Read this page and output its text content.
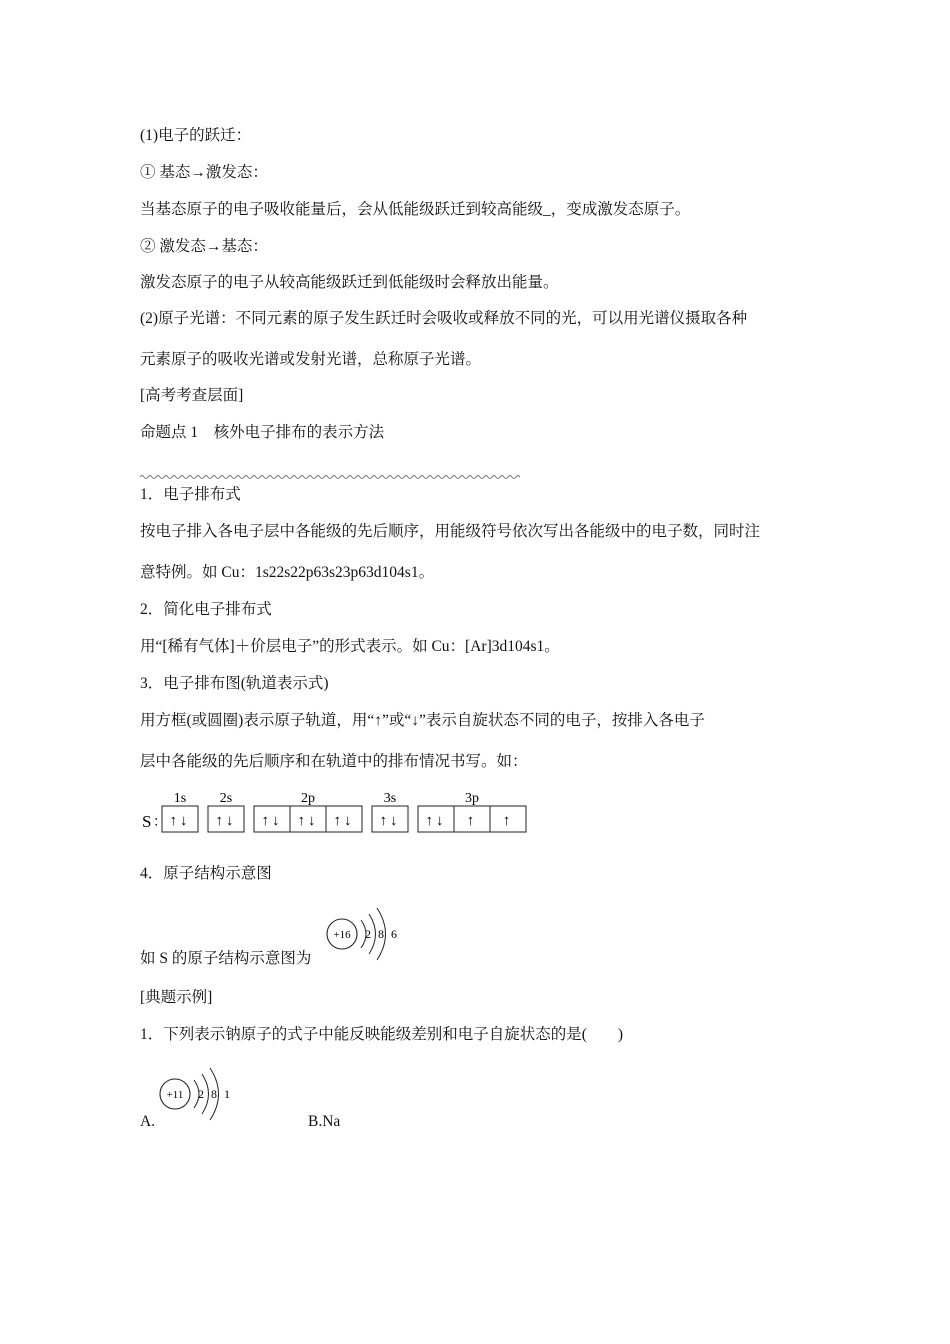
(1)电子的跃迁：
① 基态→激发态：
当基态原子的电子吸收能量后，会从低能级跃迁到较高能级_，变成激发态原子。
② 激发态→基态：
激发态原子的电子从较高能级跃迁到低能级时会释放出能量。
(2)原子光谱：不同元素的原子发生跃迁时会吸收或释放不同的光，可以用光谱仪摄取各种
元素原子的吸收光谱或发射光谱，总称原子光谱。
[高考考查层面]
命题点 1　核外电子排布的表示方法
1．电子排布式
按电子排入各电子层中各能级的先后顺序，用能级符号依次写出各能级中的电子数，同时注
意特例。如 Cu：1s22s22p63s23p63d104s1。
2．简化电子排布式
用“[稀有气体]＋价层电子”的形式表示。如 Cu：[Ar]3d104s1。
3．电子排布图(轨道表示式)
用方框(或圆圈)表示原子轨道，用“↑”或“↓”表示自旋状态不同的电子，按排入各电子
层中各能级的先后顺序和在轨道中的排布情况书写。如：
S ：
1s
↑↓
2s
↑↓
2p
↑↓ ↑↓ ↑↓
3s
↑↓
3p
↑↓ ↑ ↑
4．原子结构示意图
如 S 的原子结构示意图为
+16 2 8 6
[典题示例]
1．下列表示钠原子的式子中能反映能级差别和电子自旋状态的是(　　)
+11 2 8 1
A.	B.Na
